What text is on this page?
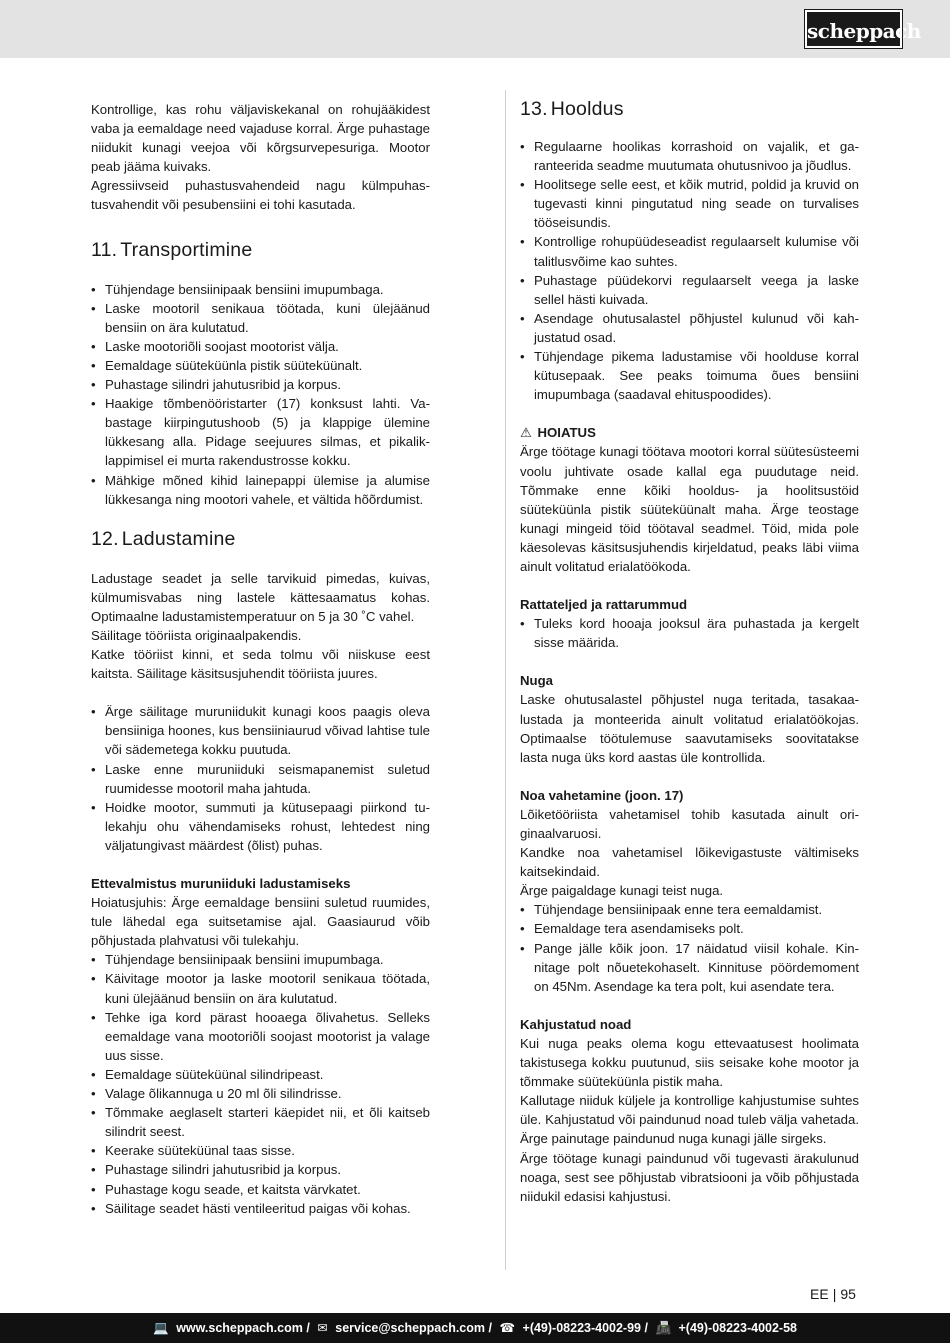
scheppach

Kontrollige, kas rohu väljaviskekanal on rohujääkidest vaba ja eemaldage need vajaduse korral. Ärge puhastage niidukit kunagi veejoa või kõrgsurvepesuriga. Mootor peab jääma kuivaks.

Agressiivseid puhastusvahendeid nagu külmpuhastusvahendit või pesubensiini ei tohi kasutada.

11. Transportimine
• Tühjendage bensiinipaak bensiini imupumbaga.
• Laske mootoril senikaua töötada, kuni ülejäänud bensiin on ära kulutatud.
• Laske mootoriõli soojast mootorist välja.
• Eemaldage süüteküünla pistik süüteküünalt.
• Puhastage silindri jahutusribid ja korpus.
• Haakige tõmbenööristarter (17) konksust lahti. Vabastage kiirpingutushoob (5) ja klappige ülemine lükkesang alla. Pidage seejuures silmas, et pikaliklappimisel ei murta rakendustrosse kokku.
• Mähkige mõned kihid lainepappi ülemise ja alumise lükkesanga ning mootori vahele, et vältida hõõrdumist.
12. Ladustamine

Ladustage seadet ja selle tarvikuid pimedas, kuivas, külmumisvabas ning lastele kättesaamatus kohas. Optimaalne ladustamistemperatuur on 5 ja 30 ˚C vahel.

Säilitage tööriista originaalpakendis.

Katke tööriist kinni, et seda tolmu või niiskuse eest kaitsta. Säilitage käsitsusjuhendit tööriista juures.

• Ärge säilitage muruniidukit kunagi koos paagis oleva bensiiniga hoones, kus bensiiniaurud võivad lahtise tule või sädemetega kokku puutuda.
• Laske enne muruniiduki seismapanemist suletud ruumidesse mootoril maha jahtuda.
• Hoidke mootor, summuti ja kütusepaagi piirkond tulekahju ohu vähendamiseks rohust, lehtedest ning väljatungivast määrdest (õlist) puhas.

Ettevalmistus muruniiduki ladustamiseks

Hoiatusjuhis: Ärge eemaldage bensiini suletud ruumides, tule lähedal ega suitsetamise ajal. Gaasiaurud võib põhjustada plahvatusi või tulekahju.

• Tühjendage bensiinipaak bensiini imupumbaga.
• Käivitage mootor ja laske mootoril senikaua töötada, kuni ülejäänud bensiin on ära kulutatud.
• Tehke iga kord pärast hooaega õlivahetus. Selleks eemaldage vana mootoriõli soojast mootorist ja valage uus sisse.
• Eemaldage süüteküünal silindripeast.
• Valage õlikannuga u 20 ml õli silindrisse.
• Tõmmake aeglaselt starteri käepidet nii, et õli kaitseb silindrit seest.
• Keerake süüteküünal taas sisse.
• Puhastage silindri jahutusribid ja korpus.
• Puhastage kogu seade, et kaitsta värvkatet.
• Säilitage seadet hästi ventileeritud paigas või kohas.
13. Hooldus
• Regulaarne hoolikas korrashoid on vajalik, et garanteerida seadme muutumata ohutusnivoo ja jõudlus.
• Hoolitsege selle eest, et kõik mutrid, poldid ja kruvid on tugevasti kinni pingutatud ning seade on turvalises tööseisundis.
• Kontrollige rohupüüdeseadist regulaarselt kulumise või talitlusvõime kao suhtes.
• Puhastage püüdekorvi regulaarselt veega ja laske sellel hästi kuivada.
• Asendage ohutusalastel põhjustel kulunud või kahjustatud osad.
• Tühjendage pikema ladustamise või hoolduse korral kütusepaak. See peaks toimuma õues bensiini imupumbaga (saadaval ehituspoodides).

⚠ HOIATUS

Ärge töötage kunagi töötava mootori korral süütesüsteemi voolu juhtivate osade kallal ega puudutage neid. Tõmmake enne kõiki hooldus- ja hoolitsustöid süüteküünla pistik süüteküünalt maha. Ärge teostage kunagi mingeid töid töötaval seadmel. Töid, mida pole käesolevas käsitsusjuhendis kirjeldatud, peaks läbi viima ainult volitatud erialatöökoda.

Rattateljed ja rattarummud

• Tuleks kord hooaja jooksul ära puhastada ja kergelt sisse määrida.

Nuga

Laske ohutusalastel põhjustel nuga teritada, tasakaalustada ja monteerida ainult volitatud erialatöökojas. Optimaalse töötulemuse saavutamiseks soovitatakse lasta nuga üks kord aastas üle kontrollida.

Noa vahetamine (joon. 17)

Lõiketööriista vahetamisel tohib kasutada ainult originaalvaruosi.

Kandke noa vahetamisel lõikevigastuste vältimiseks kaitsekindaid.

Ärge paigaldage kunagi teist nuga.

• Tühjendage bensiinipaak enne tera eemaldamist.
• Eemaldage tera asendamiseks polt.
• Pange jälle kõik joon. 17 näidatud viisil kohale. Kinnitage polt nõuetekohaselt. Kinnituse pöördemoment on 45Nm. Asendage ka tera polt, kui asendate tera.

Kahjustatud noad

Kui nuga peaks olema kogu ettevaatusest hoolimata takistusega kokku puutunud, siis seisake kohe mootor ja tõmmake süüteküünla pistik maha.

Kallutage niiduk küljele ja kontrollige kahjustumise suhtes üle. Kahjustatud või paindunud noad tuleb välja vahetada. Ärge painutage paindunud nuga kunagi jälle sirgeks.

Ärge töötage kunagi paindunud või tugevasti ärakulunud noaga, sest see põhjustab vibratsiooni ja võib põhjustada niidukil edasisi kahjustusi.

EE | 95
💻 www.scheppach.com / ✉ service@scheppach.com / ☎ +(49)-08223-4002-99 / 📠 +(49)-08223-4002-58
